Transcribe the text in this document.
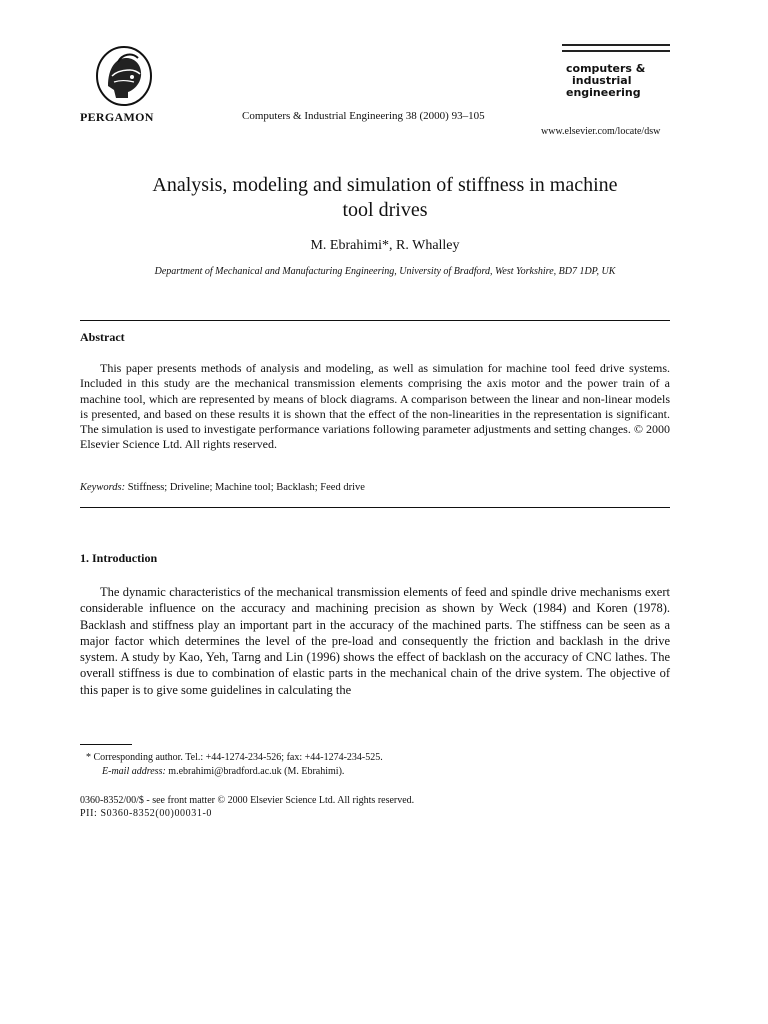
PERGAMON	Computers & Industrial Engineering 38 (2000) 93–105
computers &
industrial
engineering
www.elsevier.com/locate/dsw
Analysis, modeling and simulation of stiffness in machine
tool drives
M. Ebrahimi*, R. Whalley
Department of Mechanical and Manufacturing Engineering, University of Bradford, West Yorkshire, BD7 1DP, UK
Abstract
This paper presents methods of analysis and modeling, as well as simulation for machine tool feed drive systems. Included in this study are the mechanical transmission elements comprising the axis motor and the power train of a machine tool, which are represented by means of block diagrams. A comparison between the linear and non-linear models is presented, and based on these results it is shown that the effect of the non-linearities in the representation is significant. The simulation is used to investigate performance variations following parameter adjustments and setting changes. © 2000 Elsevier Science Ltd. All rights reserved.
Keywords: Stiffness; Driveline; Machine tool; Backlash; Feed drive
1. Introduction
The dynamic characteristics of the mechanical transmission elements of feed and spindle drive mechanisms exert considerable influence on the accuracy and machining precision as shown by Weck (1984) and Koren (1978). Backlash and stiffness play an important part in the accuracy of the machined parts. The stiffness can be seen as a major factor which determines the level of the pre-load and consequently the friction and backlash in the drive system. A study by Kao, Yeh, Tarng and Lin (1996) shows the effect of backlash on the accuracy of CNC lathes. The overall stiffness is due to combination of elastic parts in the mechanical chain of the drive system. The objective of this paper is to give some guidelines in calculating the
* Corresponding author. Tel.: +44-1274-234-526; fax: +44-1274-234-525.
E-mail address: m.ebrahimi@bradford.ac.uk (M. Ebrahimi).
0360-8352/00/$ - see front matter © 2000 Elsevier Science Ltd. All rights reserved.
PII: S0360-8352(00)00031-0
